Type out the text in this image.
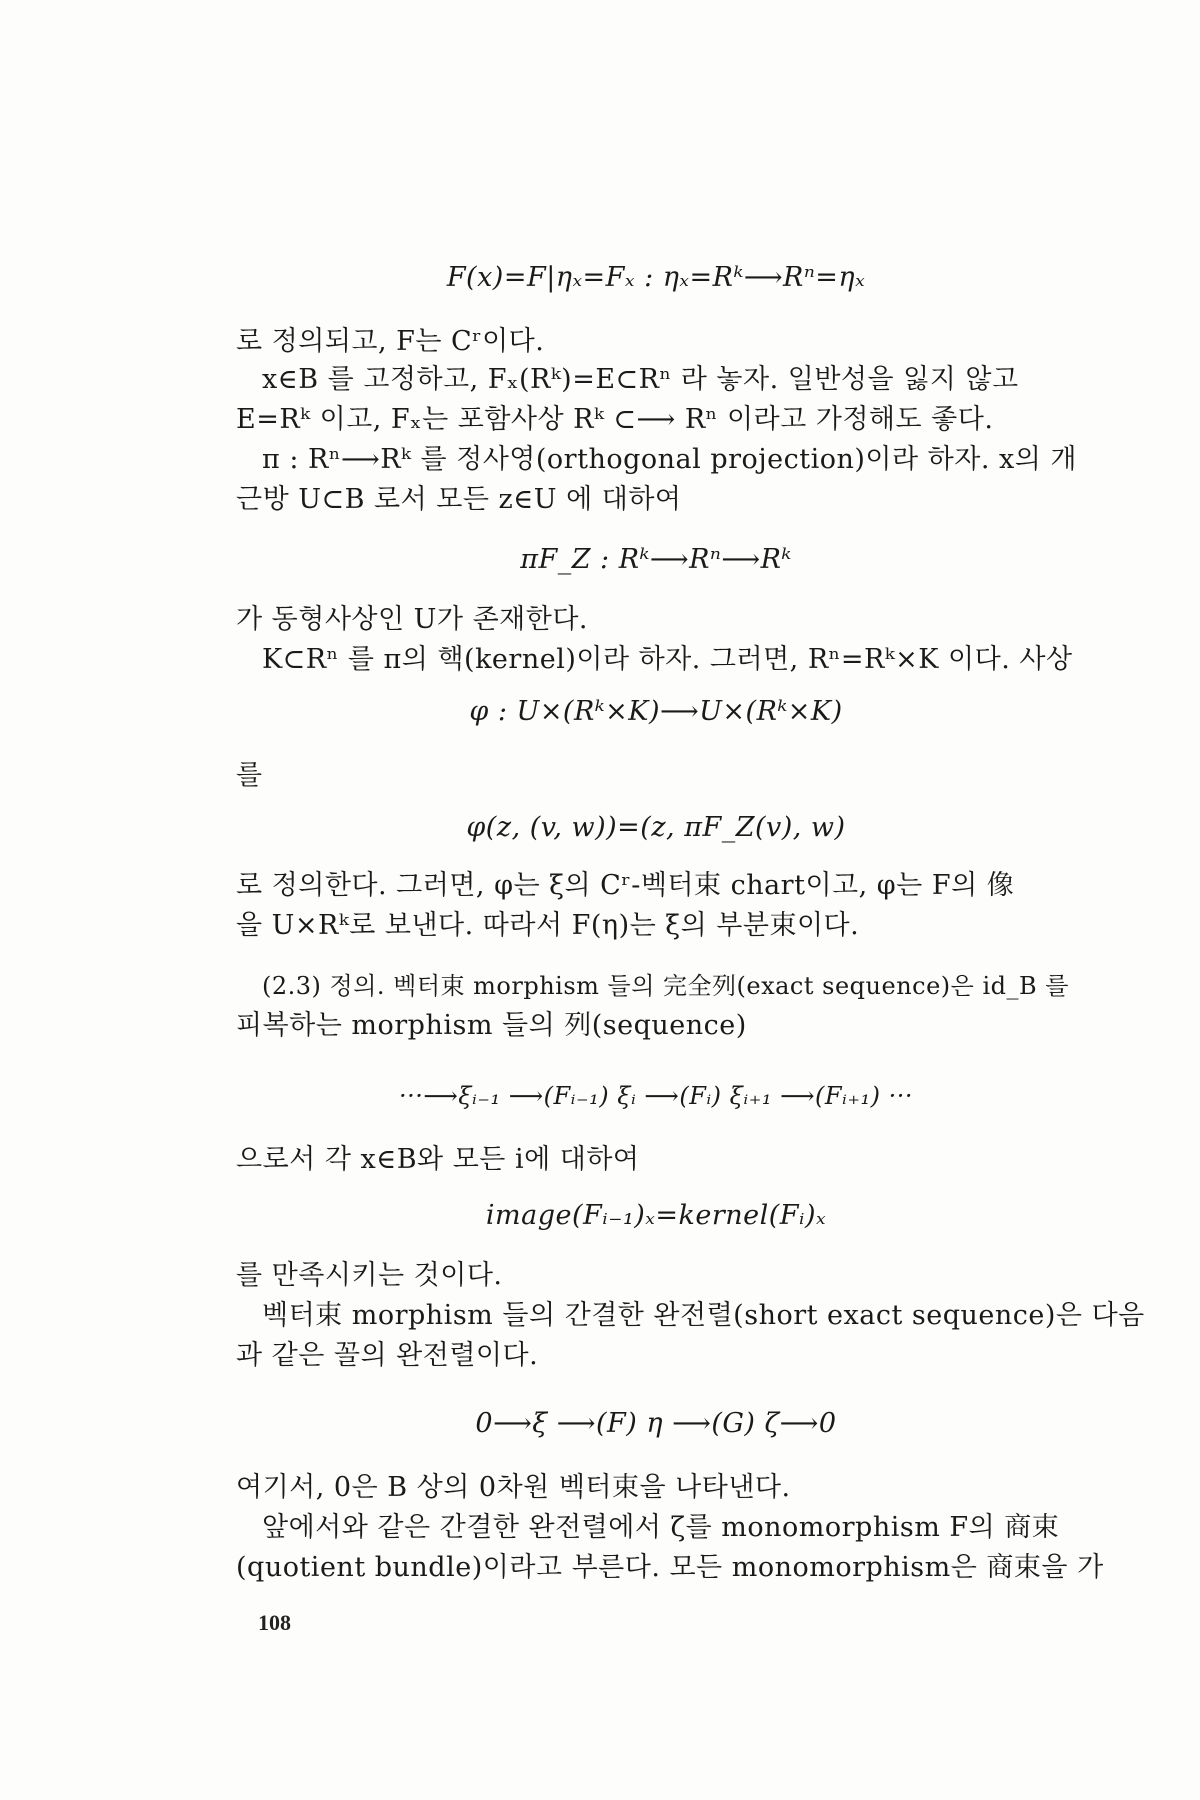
F(x)=F|ηₓ=Fₓ : ηₓ=Rᵏ⟶Rⁿ=ηₓ
로 정의되고, F는 Cʳ이다.
x∈B 를 고정하고, Fₓ(Rᵏ)=E⊂Rⁿ 라 놓자. 일반성을 잃지 않고
E=Rᵏ 이고, Fₓ는 포함사상 Rᵏ ⊂⟶ Rⁿ 이라고 가정해도 좋다.
π : Rⁿ⟶Rᵏ 를 정사영(orthogonal projection)이라 하자. x의 개
근방 U⊂B 로서 모든 z∈U 에 대하여
πF_Z : Rᵏ⟶Rⁿ⟶Rᵏ
가 동형사상인 U가 존재한다.
K⊂Rⁿ 를 π의 핵(kernel)이라 하자. 그러면, Rⁿ=Rᵏ×K 이다. 사상
φ : U×(Rᵏ×K)⟶U×(Rᵏ×K)
를
φ(z, (v, w))=(z, πF_Z(v), w)
로 정의한다. 그러면, φ는 ξ의 Cʳ-벡터束 chart이고, φ는 F의 像
을 U×Rᵏ로 보낸다. 따라서 F(η)는 ξ의 부분束이다.
(2.3) 정의. 벡터束 morphism 들의 完全列(exact sequence)은 id_B 를
피복하는 morphism 들의 列(sequence)
···⟶ξᵢ₋₁ ⟶(Fᵢ₋₁) ξᵢ ⟶(Fᵢ) ξᵢ₊₁ ⟶(Fᵢ₊₁) ···
으로서 각 x∈B와 모든 i에 대하여
image(Fᵢ₋₁)ₓ=kernel(Fᵢ)ₓ
를 만족시키는 것이다.
벡터束 morphism 들의 간결한 완전렬(short exact sequence)은 다음
과 같은 꼴의 완전렬이다.
0⟶ξ ⟶(F) η ⟶(G) ζ⟶0
여기서, 0은 B 상의 0차원 벡터束을 나타낸다.
앞에서와 같은 간결한 완전렬에서 ζ를 monomorphism F의 商束
(quotient bundle)이라고 부른다. 모든 monomorphism은 商束을 가
108
